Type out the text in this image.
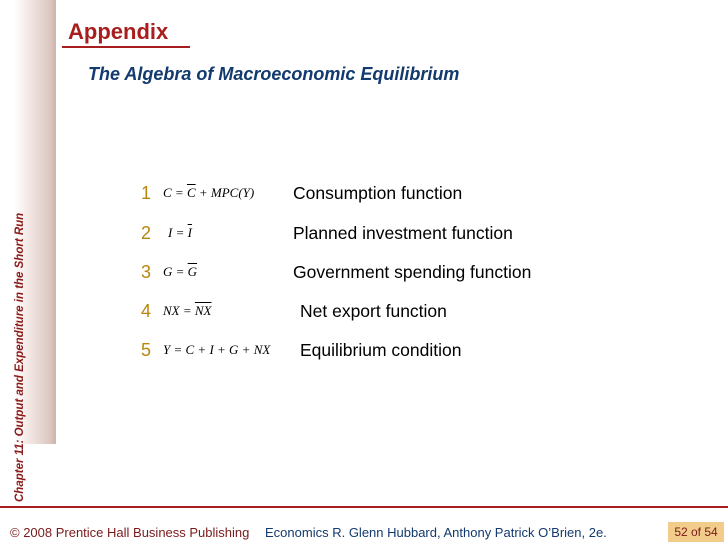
Chapter 11: Output and Expenditure in the Short Run
Appendix
The Algebra of Macroeconomic Equilibrium
1 $C = \overline{C} + MPC(Y)$ Consumption function
2 $I = \overline{I}$	Planned investment function
3 $G = \overline{G}$	Government spending function
4 NX = $\overline{NX}$	Net export function
5 Y = C + I + G + NX Equilibrium condition
© 2008 Prentice Hall Business Publishing Economics R. Glenn Hubbard, Anthony Patrick O’Brien, 2e.	52 of 54
